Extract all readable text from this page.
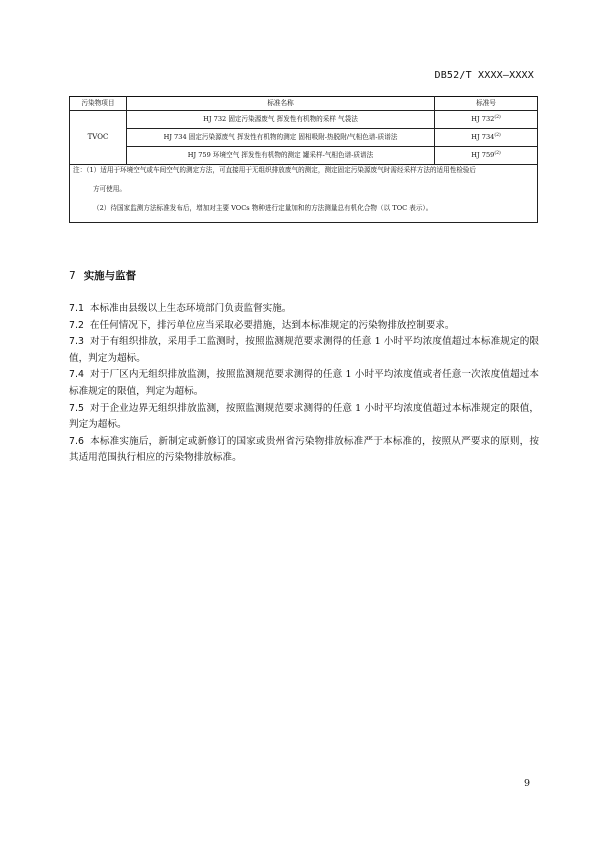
DB52/T XXXX—XXXX
污染物项目	标准名称	标准号
TVOC	HJ 732 固定污染源废气 挥发性有机物的采样 气袋法	HJ 732$^{(2)}$
	HJ 734 固定污染源废气 挥发性有机物的测定 固相吸附-热脱附/气相色谱-质谱法	HJ 734$^{(2)}$
	HJ 759 环境空气 挥发性有机物的测定 罐采样-气相色谱-质谱法	HJ 759$^{(2)}$

注：（1）适用于环境空气或车间空气的测定方法，可直接用于无组织排放废气的测定，测定固定污染源废气时需经采样方法的适用性检验后
方可使用。
（2）待国家监测方法标准发布后，增加对主要 VOCs 物种进行定量加和的方法测量总有机化合物（以 TOC 表示）。		
7 实施与监督
7.1 本标准由县级以上生态环境部门负责监督实施。
7.2 在任何情况下，排污单位应当采取必要措施，达到本标准规定的污染物排放控制要求。
7.3 对于有组织排放，采用手工监测时，按照监测规范要求测得的任意 1 小时平均浓度值超过本标准规定的限值，判定为超标。
7.4 对于厂区内无组织排放监测，按照监测规范要求测得的任意 1 小时平均浓度值或者任意一次浓度值超过本标准规定的限值，判定为超标。
7.5 对于企业边界无组织排放监测，按照监测规范要求测得的任意 1 小时平均浓度值超过本标准规定的限值，判定为超标。
7.6 本标准实施后，新制定或新修订的国家或贵州省污染物排放标准严于本标准的，按照从严要求的原则，按其适用范围执行相应的污染物排放标准。
9
